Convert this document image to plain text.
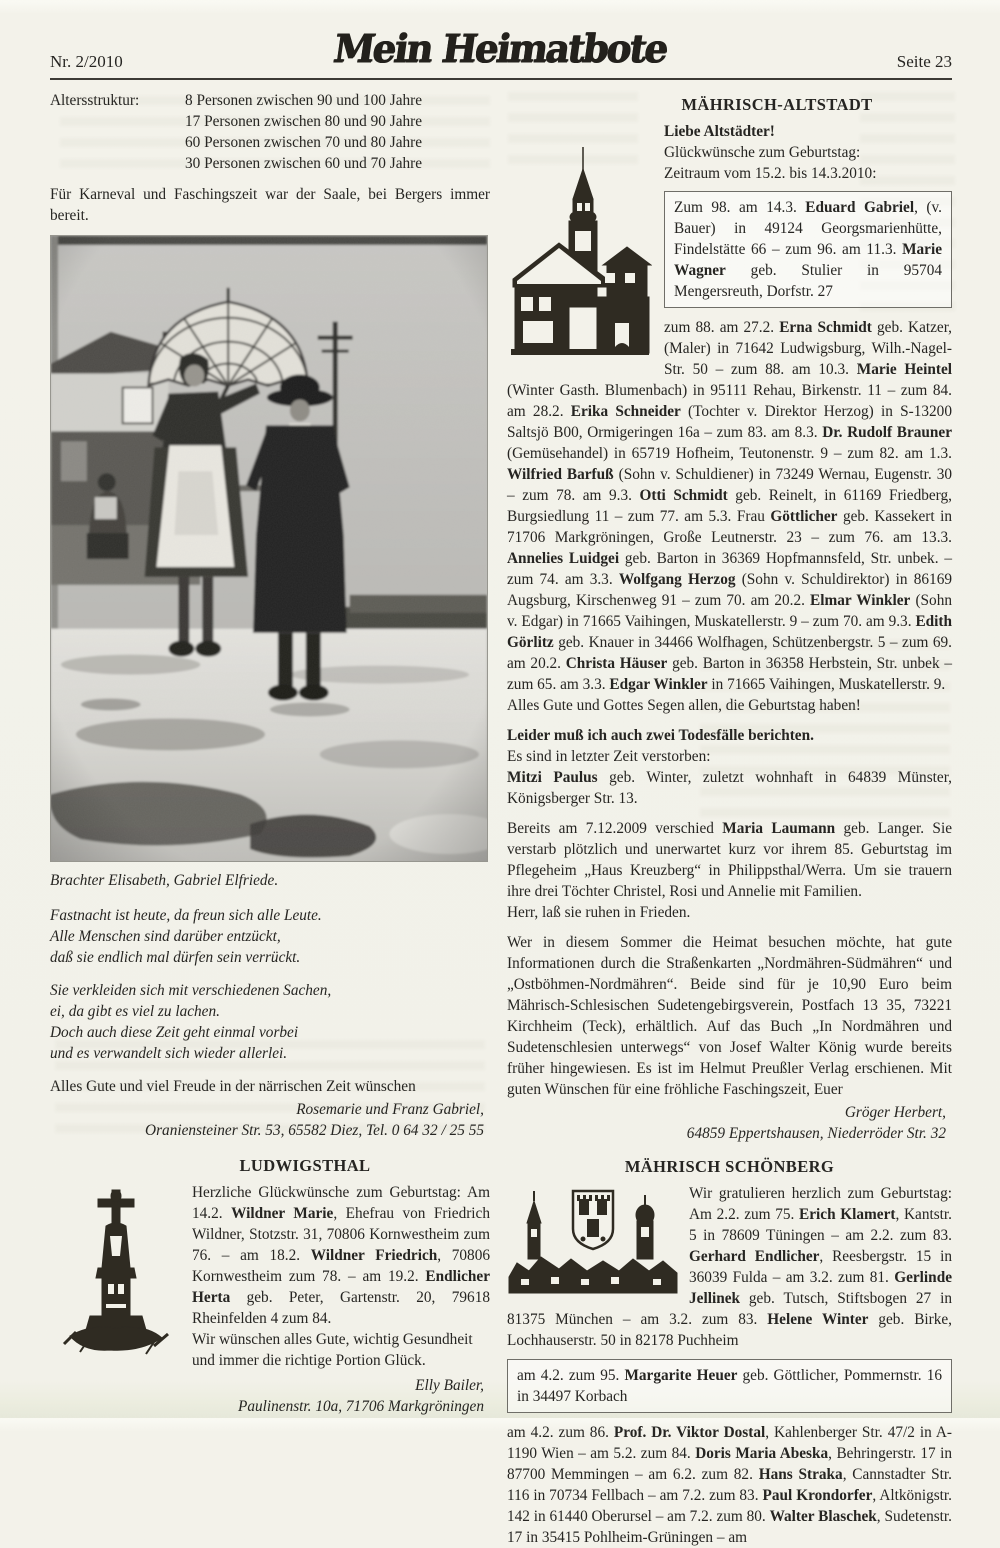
Nr. 2/2010	Mein Heimatbote	Seite 23
Altersstruktur:	8 Personen zwischen 90 und 100 Jahre
17 Personen zwischen 80 und 90 Jahre
60 Personen zwischen 70 und 80 Jahre
30 Personen zwischen 60 und 70 Jahre

Für Karneval und Faschingszeit war der Saale, bei Bergers immer bereit.

Brachter Elisabeth, Gabriel Elfriede.
Fastnacht ist heute, da freun sich alle Leute.
Alle Menschen sind darüber entzückt,
daß sie endlich mal dürfen sein verrückt.
Sie verkleiden sich mit verschiedenen Sachen,
ei, da gibt es viel zu lachen.
Doch auch diese Zeit geht einmal vorbei
und es verwandelt sich wieder allerlei.

Alles Gute und viel Freude in der närrischen Zeit wünschen

Rosemarie und Franz Gabriel,
Oraniensteiner Str. 53, 65582 Diez, Tel. 0 64 32 / 25 55
LUDWIGSTHAL
Herzliche Glückwünsche zum Geburtstag: Am 14.2. Wildner Marie, Ehefrau von Friedrich Wildner, Stotzstr. 31, 70806 Kornwestheim zum 76. – am 18.2. Wildner Friedrich, 70806 Kornwestheim zum 78. – am 19.2. Endlicher Herta geb. Peter, Gartenstr. 20, 79618 Rheinfelden 4 zum 84.
Wir wünschen alles Gute, wichtig Gesundheit und immer die richtige Portion Glück.
Elly Bailer,
Paulinenstr. 10a, 71706 Markgröningen
MÄHRISCH-ALTSTADT
Liebe Altstädter!
Glückwünsche zum Geburtstag:
Zeitraum vom 15.2. bis 14.3.2010:
Zum 98. am 14.3. Eduard Gabriel, (v. Bauer) in 49124 Georgsmarienhütte, Findelstätte 66 – zum 96. am 11.3. Marie Wagner geb. Stulier in 95704 Mengersreuth, Dorfstr. 27
zum 88. am 27.2. Erna Schmidt geb. Katzer, (Maler) in 71642 Ludwigsburg, Wilh.-Nagel-Str. 50 – zum 88. am 10.3. Marie Heintel (Winter Gasth. Blumenbach) in 95111 Rehau, Birkenstr. 11 – zum 84. am 28.2. Erika Schneider (Tochter v. Direktor Herzog) in S-13200 Saltsjö B00, Ormigeringen 16a – zum 83. am 8.3. Dr. Rudolf Brauner (Gemüsehandel) in 65719 Hofheim, Teutonenstr. 9 – zum 82. am 1.3. Wilfried Barfuß (Sohn v. Schuldiener) in 73249 Wernau, Eugenstr. 30 – zum 78. am 9.3. Otti Schmidt geb. Reinelt, in 61169 Friedberg, Burgsiedlung 11 – zum 77. am 5.3. Frau Göttlicher geb. Kassekert in 71706 Markgröningen, Große Leutnerstr. 23 – zum 76. am 13.3. Annelies Luidgei geb. Barton in 36369 Hopfmannsfeld, Str. unbek. – zum 74. am 3.3. Wolfgang Herzog (Sohn v. Schuldirektor) in 86169 Augsburg, Kirschenweg 91 – zum 70. am 20.2. Elmar Winkler (Sohn v. Edgar) in 71665 Vaihingen, Muskatellerstr. 9 – zum 70. am 9.3. Edith Görlitz geb. Knauer in 34466 Wolfhagen, Schützenbergstr. 5 – zum 69. am 20.2. Christa Häuser geb. Barton in 36358 Herbstein, Str. unbek – zum 65. am 3.3. Edgar Winkler in 71665 Vaihingen, Muskatellerstr. 9.
Alles Gute und Gottes Segen allen, die Geburtstag haben!
Leider muß ich auch zwei Todesfälle berichten.
Es sind in letzter Zeit verstorben:

Mitzi Paulus geb. Winter, zuletzt wohnhaft in 64839 Münster, Königsberger Str. 13.

Bereits am 7.12.2009 verschied Maria Laumann geb. Langer. Sie verstarb plötzlich und unerwartet kurz vor ihrem 85. Geburtstag im Pflegeheim „Haus Kreuzberg“ in Philippsthal/Werra. Um sie trauern ihre drei Töchter Christel, Rosi und Annelie mit Familien.

Herr, laß sie ruhen in Frieden.

Wer in diesem Sommer die Heimat besuchen möchte, hat gute Informationen durch die Straßenkarten „Nordmähren-Südmähren“ und „Ostböhmen-Nordmähren“. Beide sind für je 10,90 Euro beim Mährisch-Schlesischen Sudetengebirgsverein, Postfach 13 35, 73221 Kirchheim (Teck), erhältlich. Auf das Buch „In Nordmähren und Sudetenschlesien unterwegs“ von Josef Walter König wurde bereits früher hingewiesen. Es ist im Helmut Preußler Verlag erschienen. Mit guten Wünschen für eine fröhliche Faschingszeit, Euer

Gröger Herbert,
64859 Eppertshausen, Niederröder Str. 32
MÄHRISCH SCHÖNBERG
Wir gratulieren herzlich zum Geburtstag: Am 2.2. zum 75. Erich Klamert, Kantstr. 5 in 78609 Tüningen – am 2.2. zum 83. Gerhard Endlicher, Reesbergstr. 15 in 36039 Fulda – am 3.2. zum 81. Gerlinde Jellinek geb. Tutsch, Stiftsbogen 27 in 81375 München – am 3.2. zum 83. Helene Winter geb. Birke, Lochhauserstr. 50 in 82178 Puchheim
am 4.2. zum 95. Margarite Heuer geb. Göttlicher, Pommernstr. 16 in 34497 Korbach
am 4.2. zum 86. Prof. Dr. Viktor Dostal, Kahlenberger Str. 47/2 in A-1190 Wien – am 5.2. zum 84. Doris Maria Abeska, Behringerstr. 17 in 87700 Memmingen – am 6.2. zum 82. Hans Straka, Cannstadter Str. 116 in 70734 Fellbach – am 7.2. zum 83. Paul Krondorfer, Altkönigstr. 142 in 61440 Oberursel – am 7.2. zum 80. Walter Blaschek, Sudetenstr. 17 in 35415 Pohlheim-Grüningen – am
